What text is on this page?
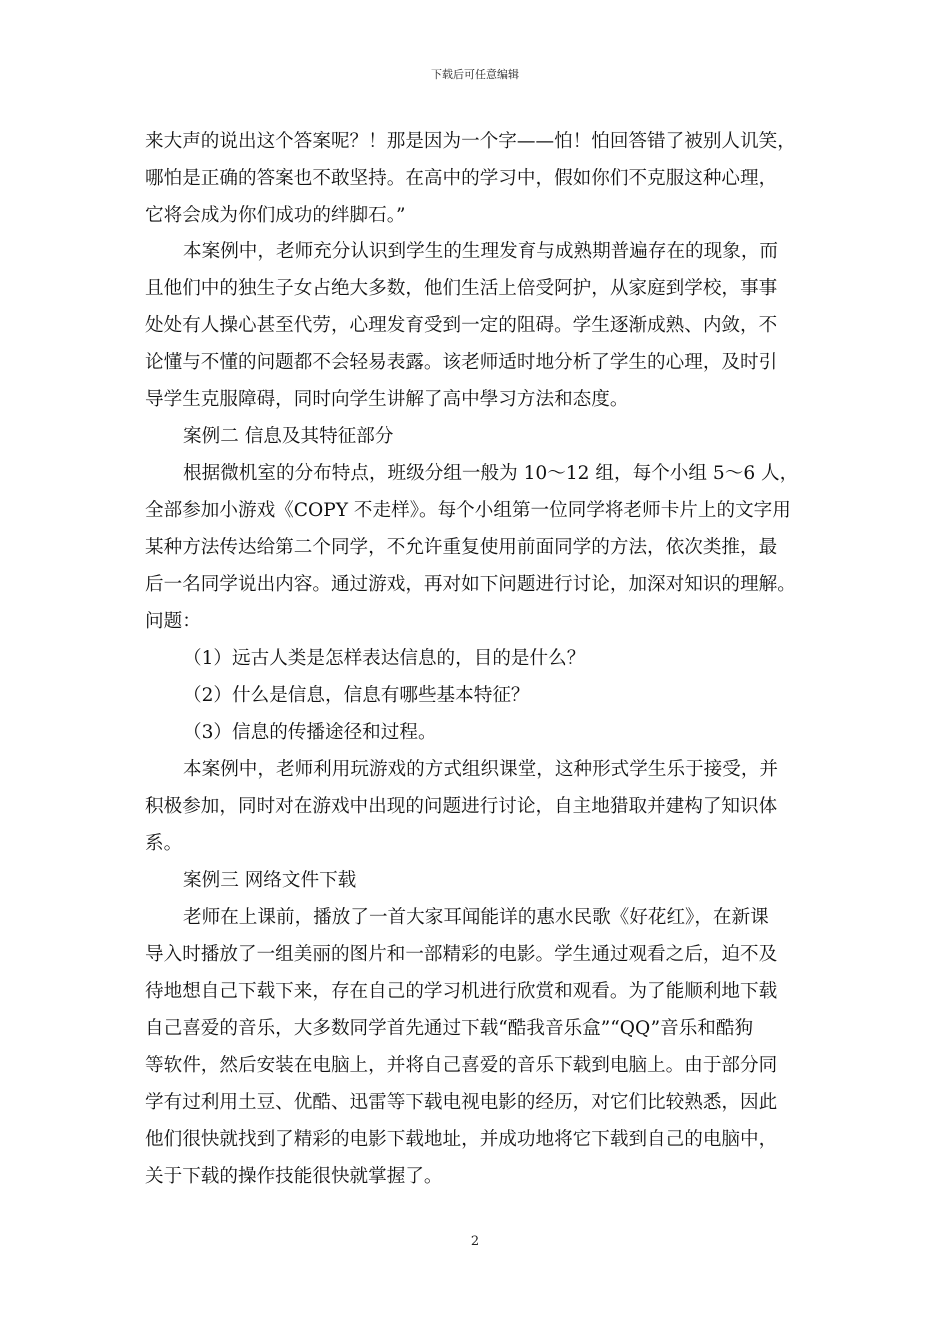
下载后可任意编辑
来大声的说出这个答案呢？！那是因为一个字——怕！怕回答错了被别人讥笑，
哪怕是正确的答案也不敢坚持。在高中的学习中，假如你们不克服这种心理，
它将会成为你们成功的绊脚石。”
本案例中，老师充分认识到学生的生理发育与成熟期普遍存在的现象，而
且他们中的独生子女占绝大多数，他们生活上倍受阿护，从家庭到学校，事事
处处有人操心甚至代劳，心理发育受到一定的阻碍。学生逐渐成熟、内敛，不
论懂与不懂的问题都不会轻易表露。该老师适时地分析了学生的心理，及时引
导学生克服障碍，同时向学生讲解了高中學习方法和态度。
案例二 信息及其特征部分
根据微机室的分布特点，班级分组一般为 10～12 组，每个小组 5～6 人，
全部参加小游戏《COPY 不走样》。每个小组第一位同学将老师卡片上的文字用
某种方法传达给第二个同学，不允许重复使用前面同学的方法，依次类推，最
后一名同学说出内容。通过游戏，再对如下问题进行讨论，加深对知识的理解。
问题：
（1）远古人类是怎样表达信息的，目的是什么？
（2）什么是信息，信息有哪些基本特征？
（3）信息的传播途径和过程。
本案例中，老师利用玩游戏的方式组织课堂，这种形式学生乐于接受，并
积极参加，同时对在游戏中出现的问题进行讨论，自主地猎取并建构了知识体
系。
案例三 网络文件下载
老师在上课前，播放了一首大家耳闻能详的惠水民歌《好花红》，在新课
导入时播放了一组美丽的图片和一部精彩的电影。学生通过观看之后，迫不及
待地想自己下载下来，存在自己的学习机进行欣赏和观看。为了能顺利地下载
自己喜爱的音乐，大多数同学首先通过下载“酷我音乐盒”“QQ”音乐和酷狗
等软件，然后安装在电脑上，并将自己喜爱的音乐下载到电脑上。由于部分同
学有过利用土豆、优酷、迅雷等下载电视电影的经历，对它们比较熟悉，因此
他们很快就找到了精彩的电影下载地址，并成功地将它下载到自己的电脑中，
关于下载的操作技能很快就掌握了。
2
